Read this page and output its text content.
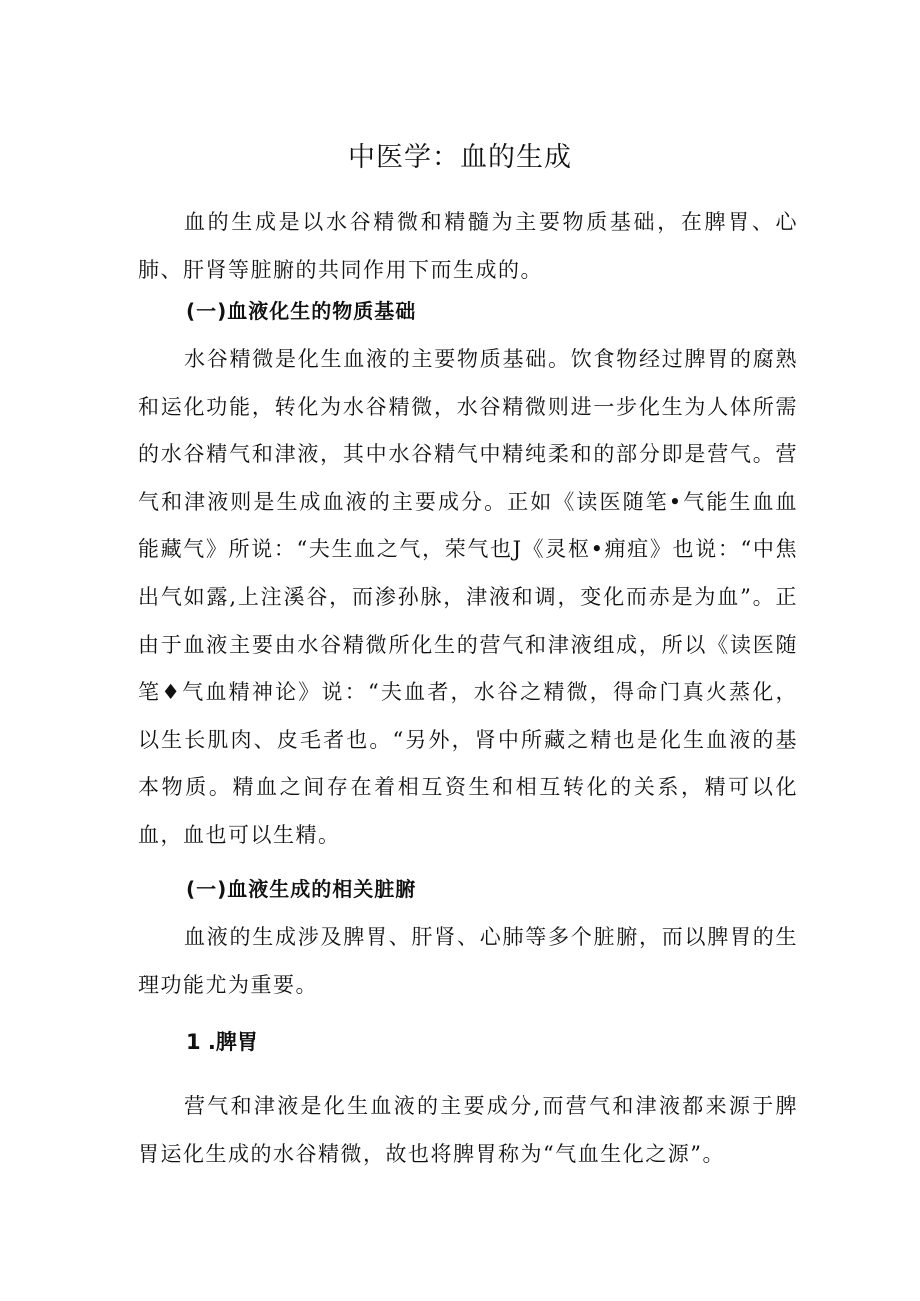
中医学：血的生成

血的生成是以水谷精微和精髓为主要物质基础，在脾胃、心肺、肝肾等脏腑的共同作用下而生成的。

(一)血液化生的物质基础

水谷精微是化生血液的主要物质基础。饮食物经过脾胃的腐熟和运化功能，转化为水谷精微，水谷精微则进一步化生为人体所需的水谷精气和津液，其中水谷精气中精纯柔和的部分即是营气。营气和津液则是生成血液的主要成分。正如《读医随笔•气能生血血能藏气》所说：“夫生血之气，荣气也J《灵枢•痈疽》也说：“中焦出气如露,上注溪谷，而渗孙脉，津液和调，变化而赤是为血”。正由于血液主要由水谷精微所化生的营气和津液组成，所以《读医随笔♦气血精神论》说：“夫血者，水谷之精微，得命门真火蒸化，以生长肌肉、皮毛者也。“另外，肾中所藏之精也是化生血液的基本物质。精血之间存在着相互资生和相互转化的关系，精可以化血，血也可以生精。

(一)血液生成的相关脏腑

血液的生成涉及脾胃、肝肾、心肺等多个脏腑，而以脾胃的生理功能尤为重要。

1 .脾胃

营气和津液是化生血液的主要成分,而营气和津液都来源于脾胃运化生成的水谷精微，故也将脾胃称为“气血生化之源”。
